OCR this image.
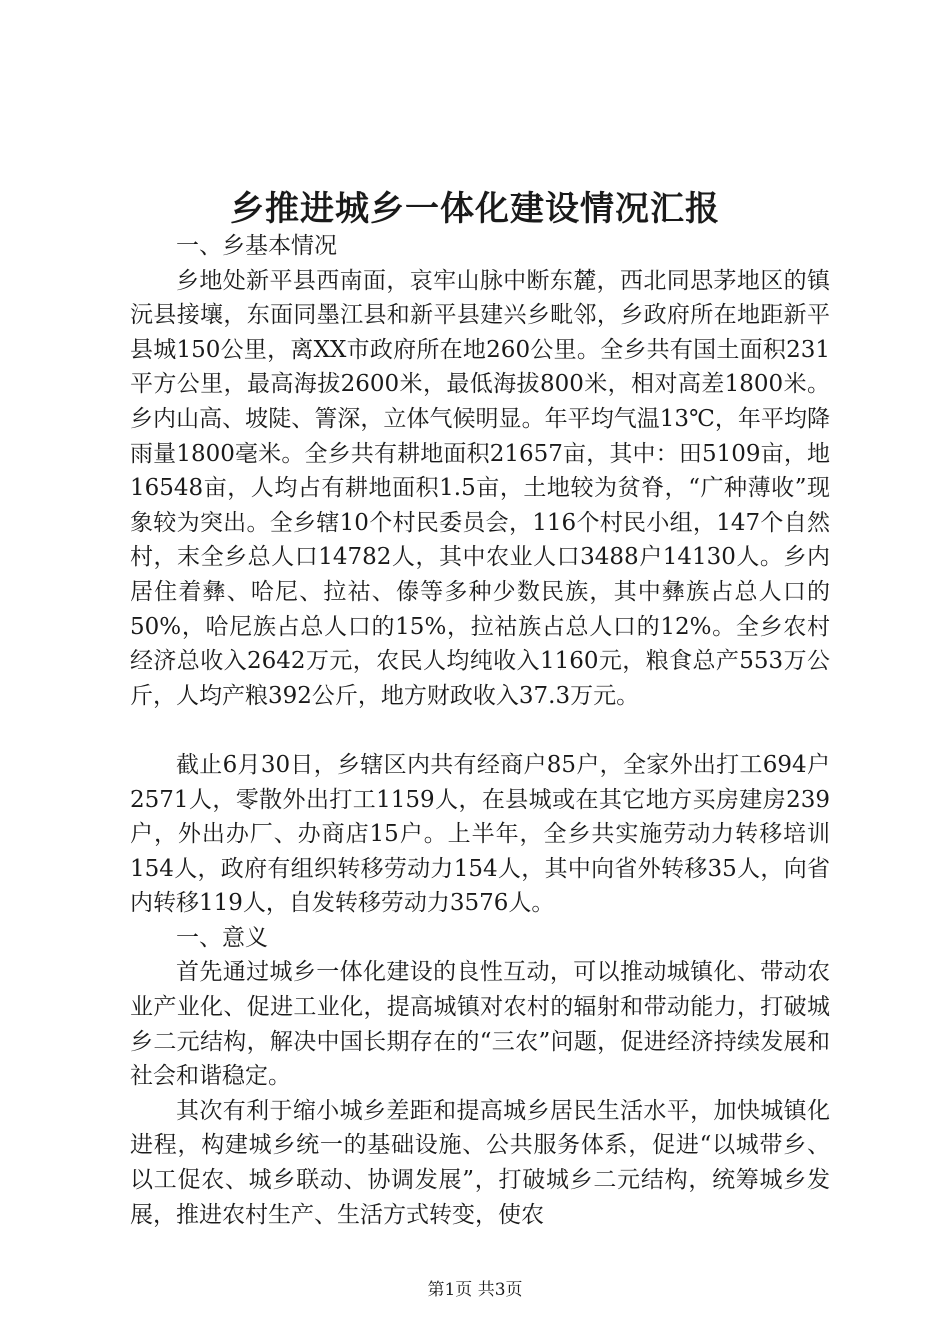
乡推进城乡一体化建设情况汇报
一、乡基本情况
乡地处新平县西南面，哀牢山脉中断东麓，西北同思茅地区的镇沅县接壤，东面同墨江县和新平县建兴乡毗邻，乡政府所在地距新平县城150公里，离XX市政府所在地260公里。全乡共有国土面积231平方公里，最高海拔2600米，最低海拔800米，相对高差1800米。乡内山高、坡陡、箐深，立体气候明显。年平均气温13℃，年平均降雨量1800毫米。全乡共有耕地面积21657亩，其中：田5109亩，地16548亩，人均占有耕地面积1.5亩，土地较为贫脊，“广种薄收”现象较为突出。全乡辖10个村民委员会，116个村民小组，147个自然村，末全乡总人口14782人，其中农业人口3488户14130人。乡内居住着彝、哈尼、拉祜、傣等多种少数民族，其中彝族占总人口的50%，哈尼族占总人口的15%，拉祜族占总人口的12%。全乡农村经济总收入2642万元，农民人均纯收入1160元，粮食总产553万公斤，人均产粮392公斤，地方财政收入37.3万元。
截止6月30日，乡辖区内共有经商户85户，全家外出打工694户2571人，零散外出打工1159人，在县城或在其它地方买房建房239户，外出办厂、办商店15户。上半年，全乡共实施劳动力转移培训154人，政府有组织转移劳动力154人，其中向省外转移35人，向省内转移119人，自发转移劳动力3576人。
一、意义
首先通过城乡一体化建设的良性互动，可以推动城镇化、带动农业产业化、促进工业化，提高城镇对农村的辐射和带动能力，打破城乡二元结构，解决中国长期存在的“三农”问题，促进经济持续发展和社会和谐稳定。
其次有利于缩小城乡差距和提高城乡居民生活水平，加快城镇化进程，构建城乡统一的基础设施、公共服务体系，促进“以城带乡、以工促农、城乡联动、协调发展”，打破城乡二元结构，统筹城乡发展，推进农村生产、生活方式转变，使农
第1页 共3页
